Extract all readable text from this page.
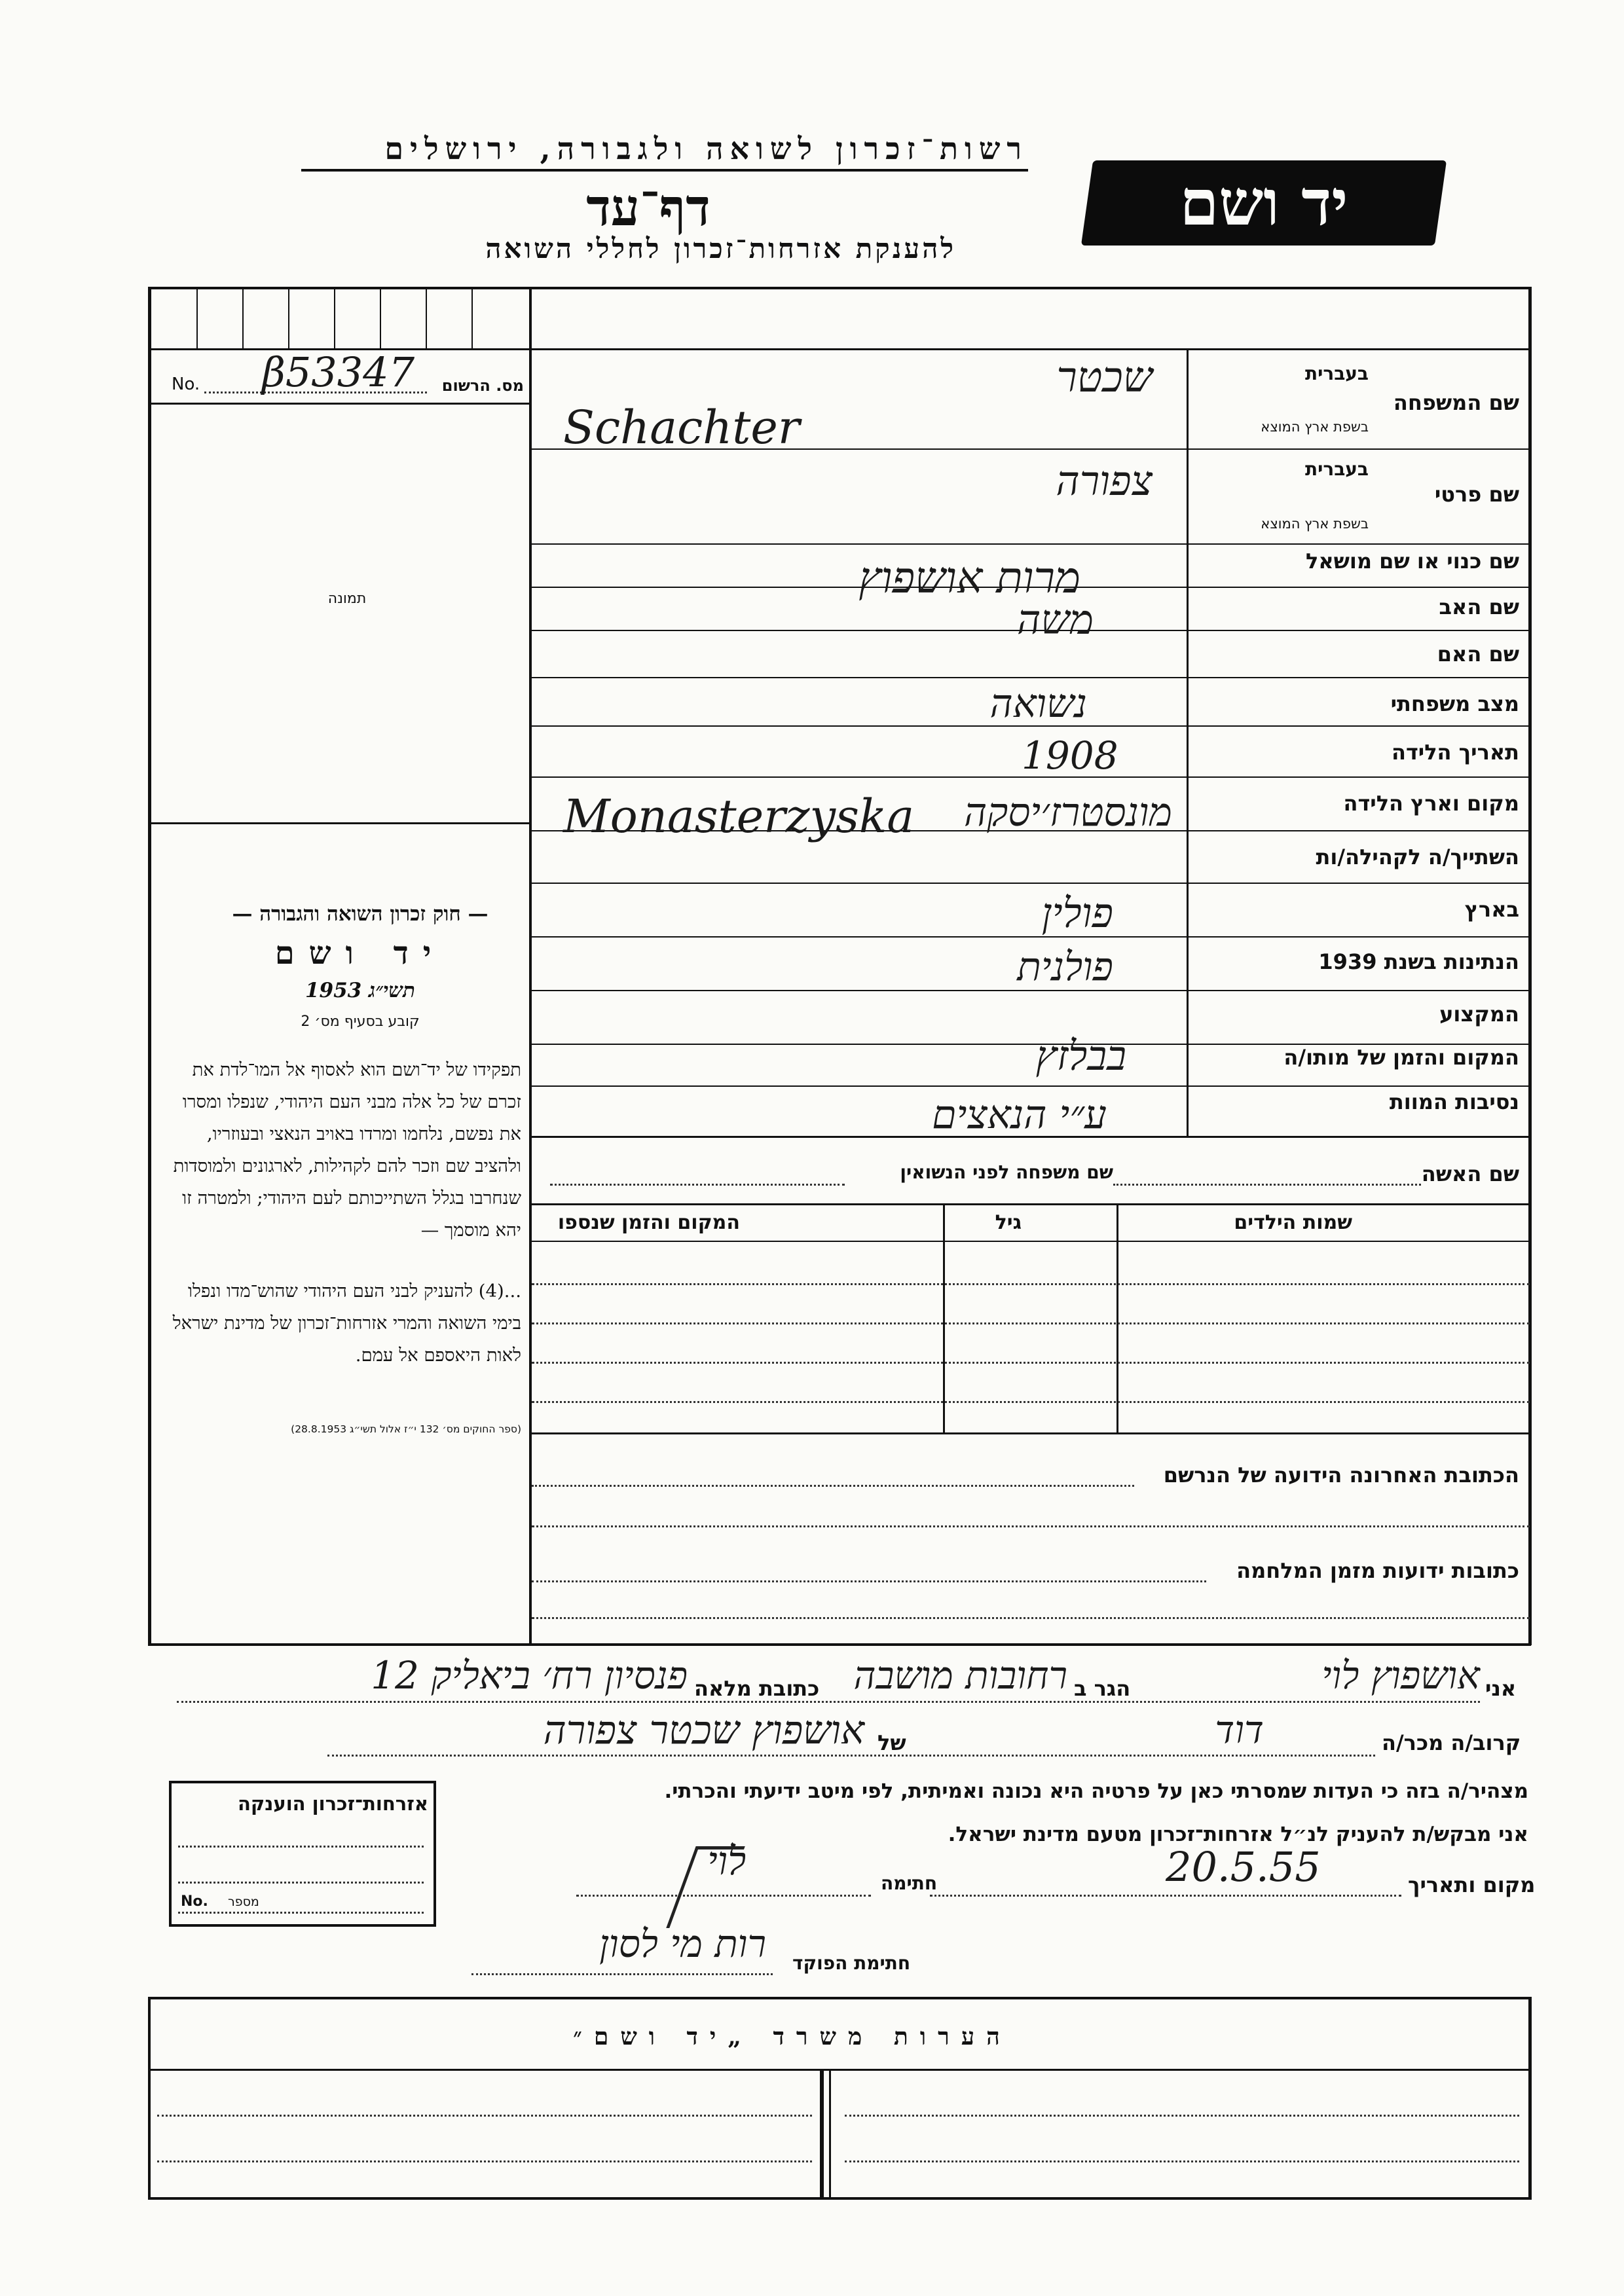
רשות־זכרון לשואה ולגבורה, ירושלים
דף־עד
להענקת אזרחות־זכרון לחללי השואה
יד ושם
No. β53347	מס. הרשום
תמונה
— חוק זכרון השואה והגבורה —
יד ושם
תשי״ג 1953
קובע בסעיף מס׳ 2
תפקידו של יד־ושם הוא לאסוף אל המו־לדת את זכרם של כל אלה מבני העם היהודי, שנפלו ומסרו את נפשם, נלחמו ומרדו באויב הנאצי ובעוזריו, ולהציב שם וזכר להם לקהילות, לארגונים ולמוסדות שנחרבו בגלל השתייכותם לעם היהודי; ולמטרה זו יהא מוסמך —
...(4) להעניק לבני העם היהודי שהוש־מדו ונפלו בימי השואה והמרי אזרחות־זכרון של מדינת ישראל לאות היאספם אל עמם.
(ספר החוקים מס׳ 132 י״ז אלול תשי״ג 28.8.1953)
שם המשפחה
בעברית
בשפת ארץ המוצא
שם פרטי
בעברית
בשפת ארץ המוצא
שם כנוי או שם מושאל
שם האב
שם האם
מצב משפחתי
תאריך הלידה
מקום וארץ הלידה
השתייך/ה לקהילה/ות
בארץ
הנתינות בשנת 1939
המקצוע
המקום והזמן של מותו/ה
נסיבות המוות
שם האשה
שם משפחה לפני הנשואין
שכטר
Schachter
צפורה
מרות אושפוץ
משה
נשואה
1908
Monasterzyska	מונסטרז׳יסקה
פולין
פולנית
בבלזץ
ע״י הנאצים
שמות הילדים
גיל
המקום והזמן שנספו
הכתובת האחרונה הידועה של הנרשם
כתובות ידועות מזמן המלחמה
אני
אושפוץ לוי
הגר ב
רחובות מושבה
כתובת מלאה
פנסיון רח׳ ביאליק 12
קרוב/ה מכר/ה
דוד
של
אושפוץ שכטר צפורה
מצהיר/ה בזה כי העדות שמסרתי כאן על פרטיה היא נכונה ואמיתית, לפי מיטב ידיעתי והכרתי.
אני מבקש/ת להעניק לנ״ל אזרחות־זכרון מטעם מדינת ישראל.
מקום ותאריך
20.5.55
חתימה
לוי
חתימת הפוקד
רות מי לסון
אזרחות־זכרון הוענקה
No. מספר
הערות משרד „יד ושם״
